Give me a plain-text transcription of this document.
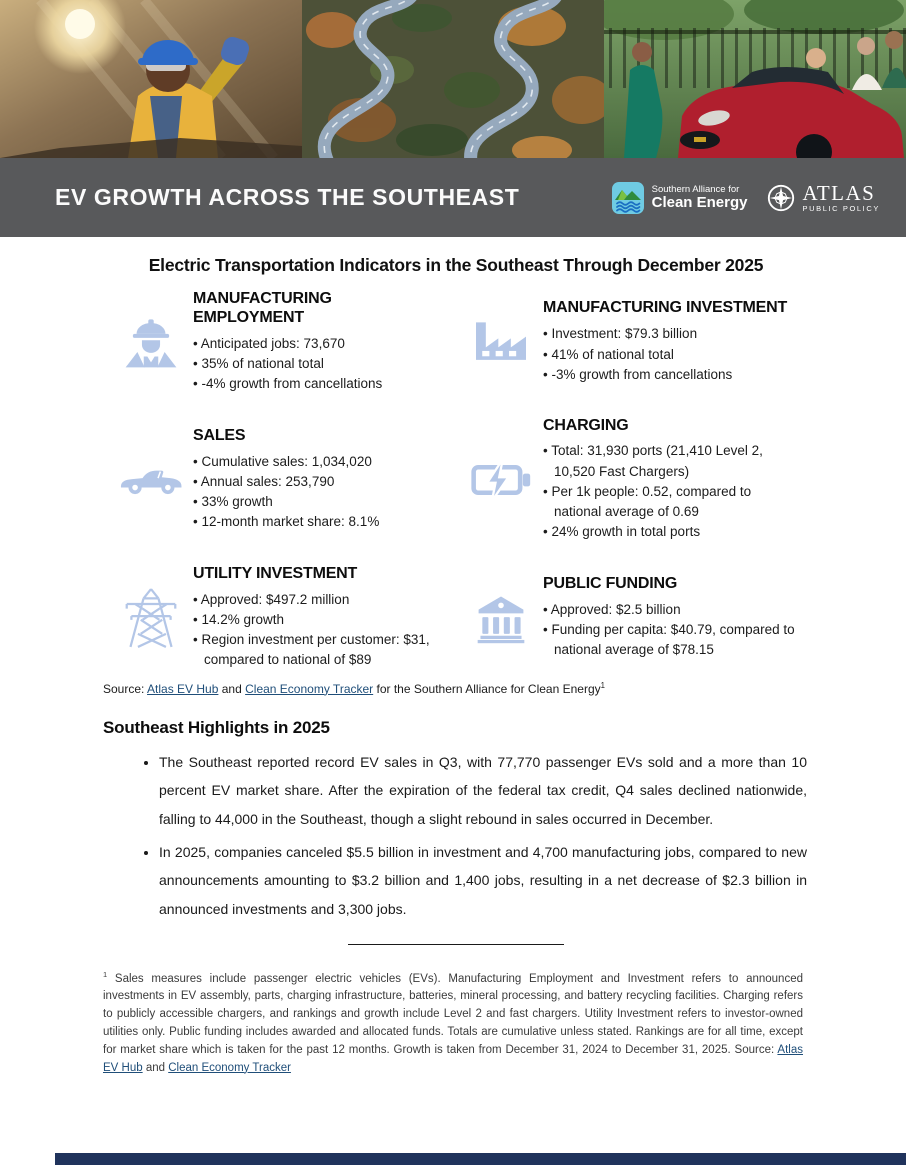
EV GROWTH ACROSS THE SOUTHEAST	Southern Alliance for
Clean Energy	ATLAS
PUBLIC POLICY
Electric Transportation Indicators in the Southeast Through December 2025
MANUFACTURING EMPLOYMENT
• Anticipated jobs: 73,670
• 35% of national total
• -4% growth from cancellations
MANUFACTURING INVESTMENT
• Investment: $79.3 billion
• 41% of national total
• -3% growth from cancellations
SALES
• Cumulative sales: 1,034,020
• Annual sales: 253,790
• 33% growth
• 12-month market share: 8.1%
CHARGING
• Total: 31,930 ports (21,410 Level 2, 10,520 Fast Chargers)
• Per 1k people: 0.52, compared to national average of 0.69
• 24% growth in total ports
UTILITY INVESTMENT
• Approved: $497.2 million
• 14.2% growth
• Region investment per customer: $31, compared to national of $89
PUBLIC FUNDING
• Approved: $2.5 billion
• Funding per capita: $40.79, compared to national average of $78.15
Source: Atlas EV Hub and Clean Economy Tracker for the Southern Alliance for Clean Energy$^1$
Southeast Highlights in 2025
• The Southeast reported record EV sales in Q3, with 77,770 passenger EVs sold and a more than 10 percent EV market share. After the expiration of the federal tax credit, Q4 sales declined nationwide, falling to 44,000 in the Southeast, though a slight rebound in sales occurred in December.
• In 2025, companies canceled $5.5 billion in investment and 4,700 manufacturing jobs, compared to new announcements amounting to $3.2 billion and 1,400 jobs, resulting in a net decrease of $2.3 billion in announced investments and 3,300 jobs.
$^1$ Sales measures include passenger electric vehicles (EVs). Manufacturing Employment and Investment refers to announced investments in EV assembly, parts, charging infrastructure, batteries, mineral processing, and battery recycling facilities. Charging refers to publicly accessible chargers, and rankings and growth include Level 2 and fast chargers. Utility Investment refers to investor-owned utilities only. Public funding includes awarded and allocated funds. Totals are cumulative unless stated. Rankings are for all time, except for market share which is taken for the past 12 months. Growth is taken from December 31, 2024 to December 31, 2025. Source: Atlas EV Hub and Clean Economy Tracker
